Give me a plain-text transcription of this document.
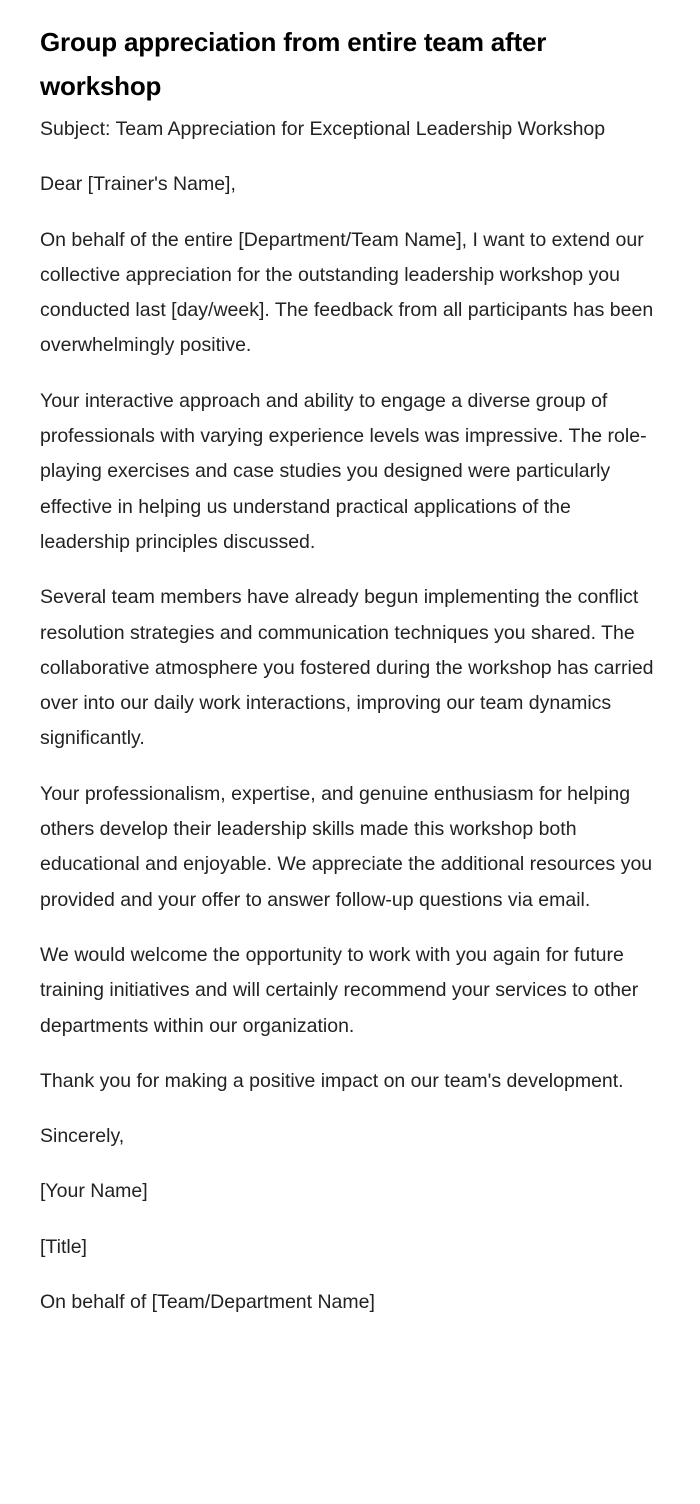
Group appreciation from entire team after workshop

Subject: Team Appreciation for Exceptional Leadership Workshop

Dear [Trainer's Name],

On behalf of the entire [Department/Team Name], I want to extend our collective appreciation for the outstanding leadership workshop you conducted last [day/week]. The feedback from all participants has been overwhelmingly positive.

Your interactive approach and ability to engage a diverse group of professionals with varying experience levels was impressive. The role-playing exercises and case studies you designed were particularly effective in helping us understand practical applications of the leadership principles discussed.

Several team members have already begun implementing the conflict resolution strategies and communication techniques you shared. The collaborative atmosphere you fostered during the workshop has carried over into our daily work interactions, improving our team dynamics significantly.

Your professionalism, expertise, and genuine enthusiasm for helping others develop their leadership skills made this workshop both educational and enjoyable. We appreciate the additional resources you provided and your offer to answer follow-up questions via email.

We would welcome the opportunity to work with you again for future training initiatives and will certainly recommend your services to other departments within our organization.

Thank you for making a positive impact on our team's development.

Sincerely,

[Your Name]

[Title]

On behalf of [Team/Department Name]
